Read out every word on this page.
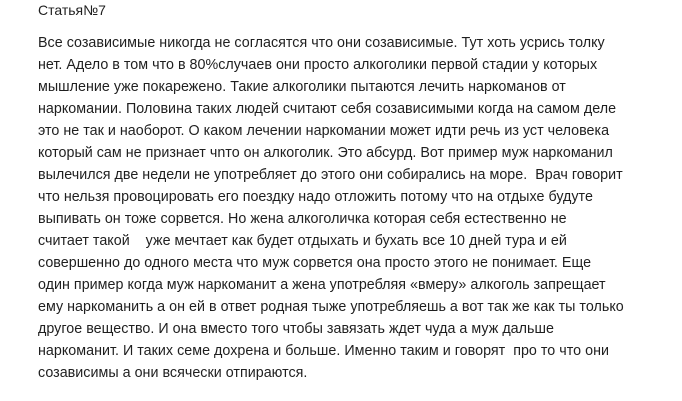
Статья№7
Все созависимые никогда не согласятся что они созависимые. Тут хоть усрись толку
нет. Адело в том что в 80%случаев они просто алкоголики первой стадии у которых
мышление уже покарежено. Такие алкоголики пытаются лечить наркоманов от
наркомании. Половина таких людей считают себя созависимыми когда на самом деле
это не так и наоборот. О каком лечении наркомании может идти речь из уст человека
который сам не признает чnто он алкоголик. Это абсурд. Вот пример муж наркоманил
вылечился две недели не употребляет до этого они собирались на море.  Врач говорит
что нельзя провоцировать его поездку надо отложить потому что на отдыхе будуте
выпивать он тоже сорвется. Но жена алкоголичка которая себя естественно не
считает такой    уже мечтает как будет отдыхать и бухать все 10 дней тура и ей
совершенно до одного места что муж сорвется она просто этого не понимает. Еще
один пример когда муж наркоманит а жена употребляя «вмеру» алкоголь запрещает
ему наркоманить а он ей в ответ родная тыже употребляешь а вот так же как ты только
другое вещество. И она вместо того чтобы завязать ждет чуда а муж дальше
наркоманит. И таких семе дохрена и больше. Именно таким и говорят  про то что они
созависимы а они всячески отпираются.
